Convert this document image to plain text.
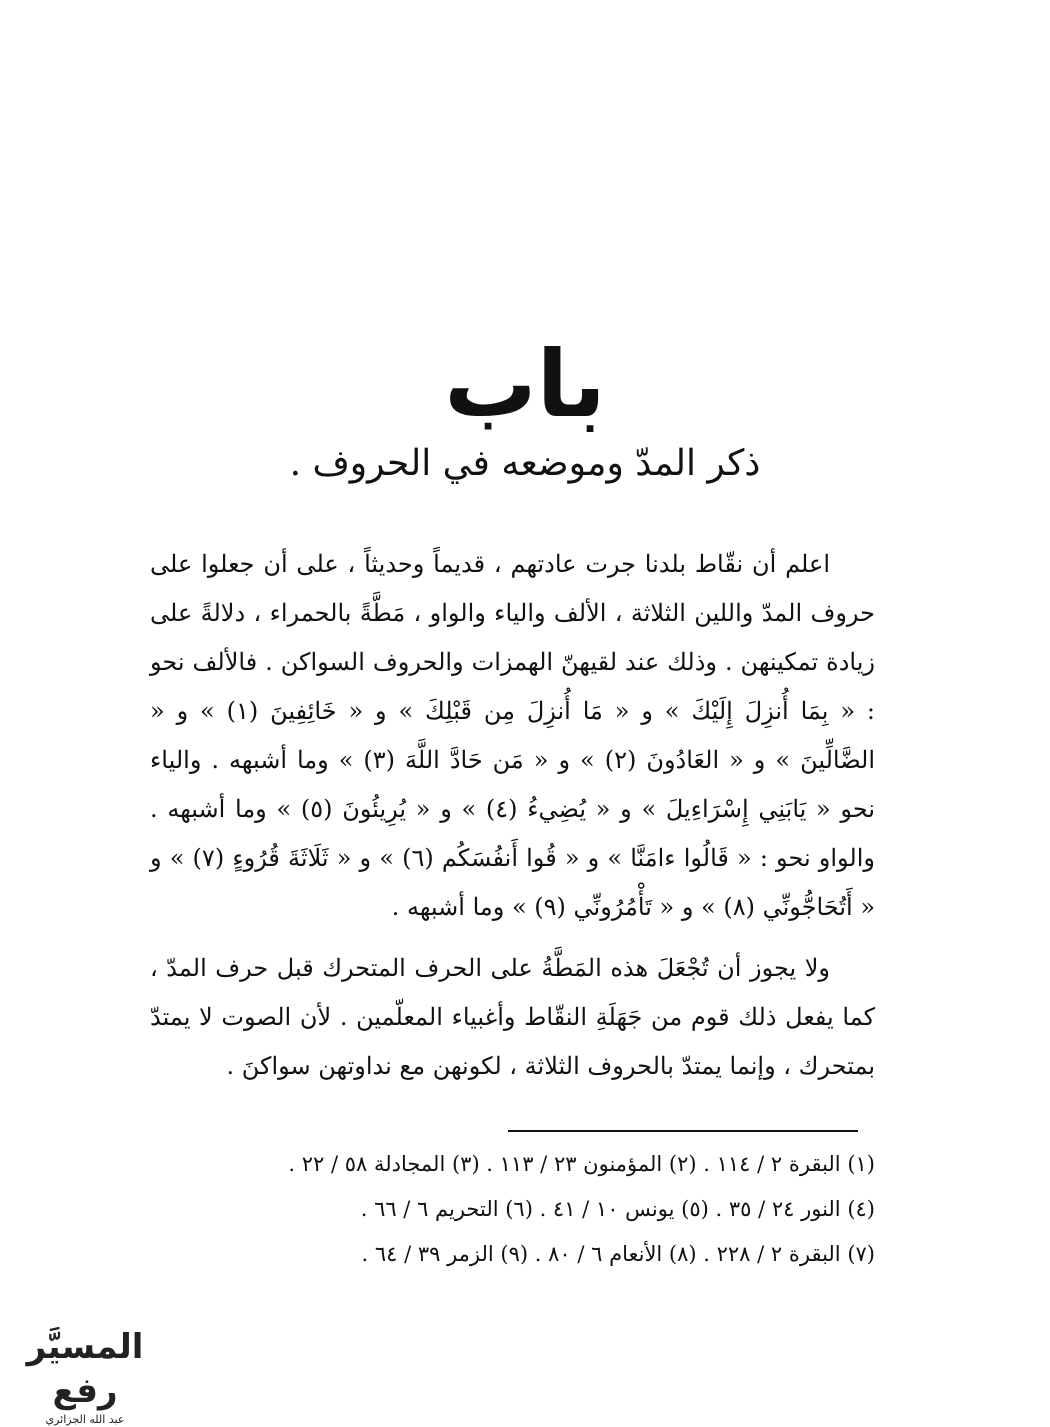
باب
ذكر المدّ وموضعه في الحروف .

اعلم أن نقّاط بلدنا جرت عادتهم ، قديماً وحديثاً ، على أن جعلوا على حروف المدّ واللين الثلاثة ، الألف والياء والواو ، مَطَّةً بالحمراء ، دلالةً على زيادة تمكينهن . وذلك عند لقيهنّ الهمزات والحروف السواكن . فالألف نحو : « بِمَا أُنزِلَ إِلَيْكَ » و « مَا أُنزِلَ مِن قَبْلِكَ » و « خَائِفِينَ (١) » و « الضَّالِّينَ » و « العَادُونَ (٢) » و « مَن حَادَّ اللَّهَ (٣) » وما أشبهه . والياء نحو « يَابَنِي إِسْرَاءِيلَ » و « يُضِيءُ (٤) » و « يُرِيئُونَ (٥) » وما أشبهه . والواو نحو : « قَالُوا ءامَنَّا » و « قُوا أَنفُسَكُم (٦) » و « ثَلَاثَةَ قُرُوءٍ (٧) » و « أَتُحَاجُّونِّي (٨) » و « تَأْمُرُونِّي (٩) » وما أشبهه .

ولا يجوز أن تُجْعَلَ هذه المَطَّةُ على الحرف المتحرك قبل حرف المدّ ، كما يفعل ذلك قوم من جَهَلَةِ النقّاط وأغبياء المعلّمين . لأن الصوت لا يمتدّ بمتحرك ، وإنما يمتدّ بالحروف الثلاثة ، لكونهن مع نداوتهن سواكنَ .

(١) البقرة ٢ / ١١٤ . (٢) المؤمنون ٢٣ / ١١٣ . (٣) المجادلة ٥٨ / ٢٢ .
(٤) النور ٢٤ / ٣٥ . (٥) يونس ١٠ / ٤١ . (٦) التحريم ٦ / ٦٦ .
(٧) البقرة ٢ / ٢٢٨ . (٨) الأنعام ٦ / ٨٠ . (٩) الزمر ٣٩ / ٦٤ .
المسيَّر رفع
عبد الله الجزائري
